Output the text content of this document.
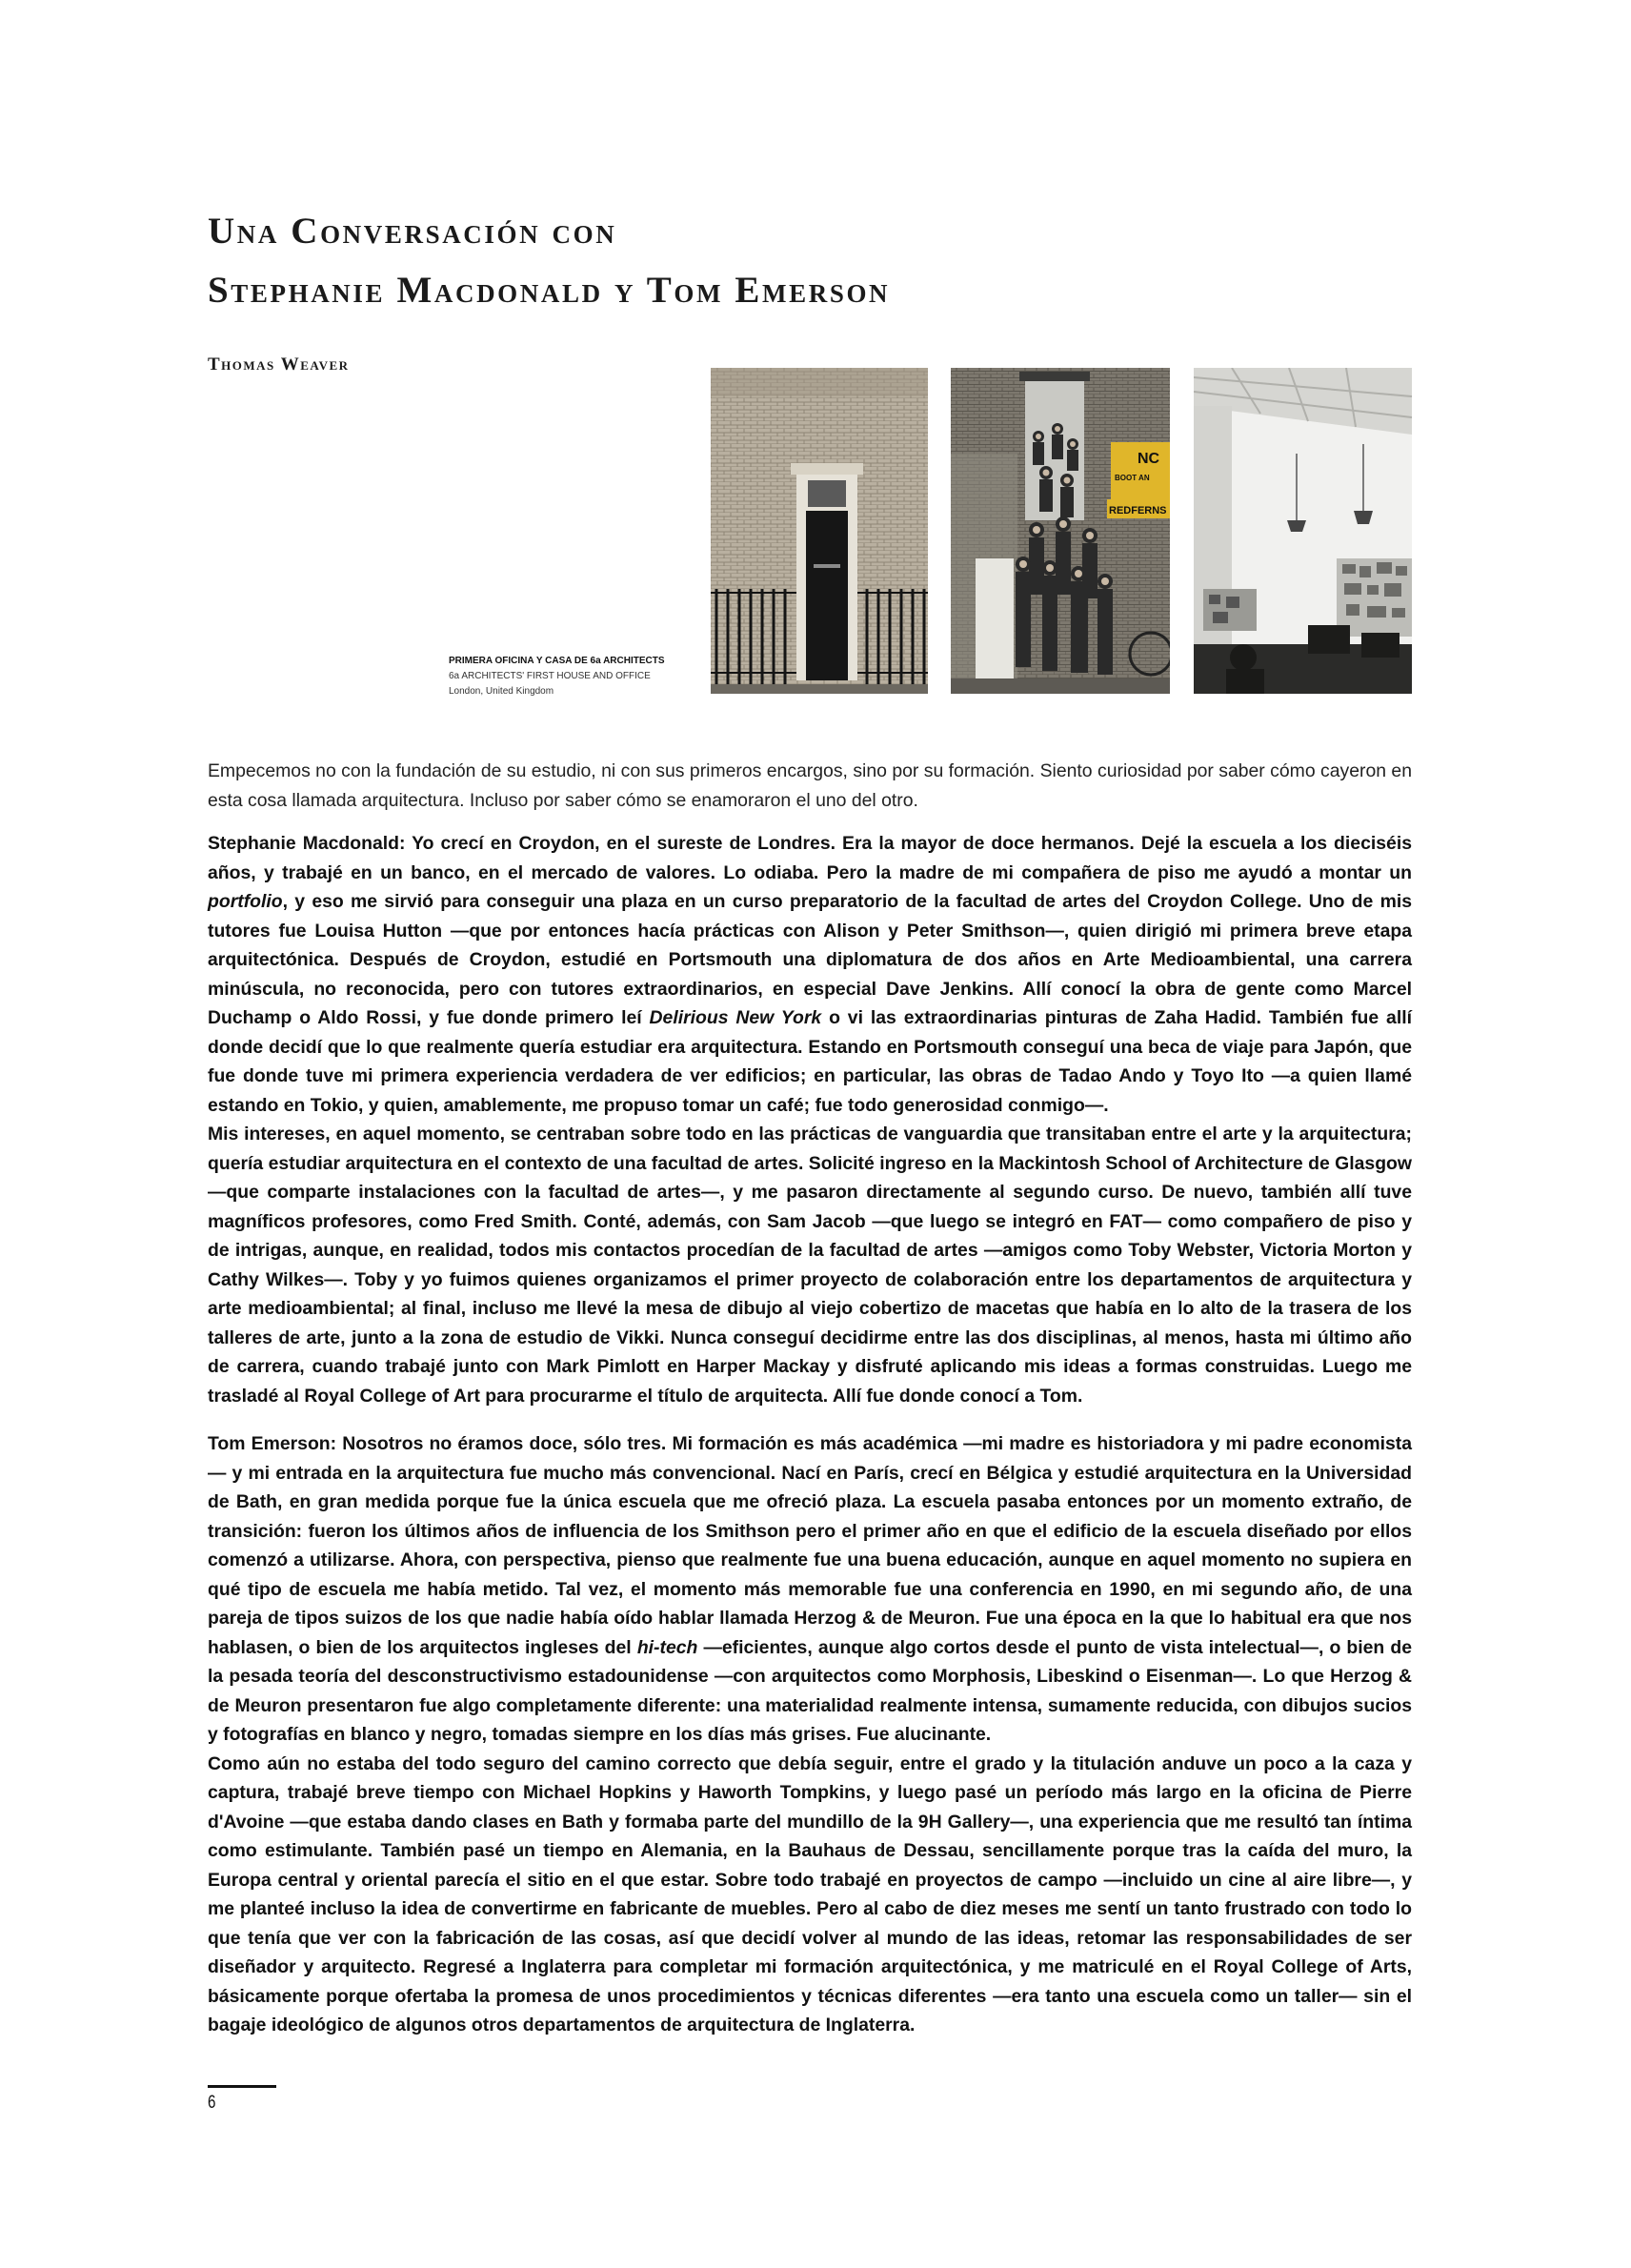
Una Conversación con
Stephanie Macdonald y Tom Emerson

Thomas Weaver

PRIMERA OFICINA Y CASA DE 6a ARCHITECTS
6a ARCHITECTS' FIRST HOUSE AND OFFICE
London, United Kingdom
NC
BOOT AN
REDFERNS

Empecemos no con la fundación de su estudio, ni con sus primeros encargos, sino por su formación. Siento curiosidad por saber cómo cayeron en esta cosa llamada arquitectura. Incluso por saber cómo se enamoraron el uno del otro.

Stephanie Macdonald: Yo crecí en Croydon, en el sureste de Londres. Era la mayor de doce hermanos. Dejé la escuela a los dieciséis años, y trabajé en un banco, en el mercado de valores. Lo odiaba. Pero la madre de mi compañera de piso me ayudó a montar un portfolio, y eso me sirvió para conseguir una plaza en un curso preparatorio de la facultad de artes del Croydon College. Uno de mis tutores fue Louisa Hutton —que por entonces hacía prácticas con Alison y Peter Smithson—, quien dirigió mi primera breve etapa arquitectónica. Después de Croydon, estudié en Portsmouth una diplomatura de dos años en Arte Medioambiental, una carrera minúscula, no reconocida, pero con tutores extraordinarios, en especial Dave Jenkins. Allí conocí la obra de gente como Marcel Duchamp o Aldo Rossi, y fue donde primero leí Delirious New York o vi las extraordinarias pinturas de Zaha Hadid. También fue allí donde decidí que lo que realmente quería estudiar era arquitectura. Estando en Portsmouth conseguí una beca de viaje para Japón, que fue donde tuve mi primera experiencia verdadera de ver edificios; en particular, las obras de Tadao Ando y Toyo Ito —a quien llamé estando en Tokio, y quien, amablemente, me propuso tomar un café; fue todo generosidad conmigo—.
Mis intereses, en aquel momento, se centraban sobre todo en las prácticas de vanguardia que transitaban entre el arte y la arquitectura; quería estudiar arquitectura en el contexto de una facultad de artes. Solicité ingreso en la Mackintosh School of Architecture de Glasgow —que comparte instalaciones con la facultad de artes—, y me pasaron directamente al segundo curso. De nuevo, también allí tuve magníficos profesores, como Fred Smith. Conté, además, con Sam Jacob —que luego se integró en FAT— como compañero de piso y de intrigas, aunque, en realidad, todos mis contactos procedían de la facultad de artes —amigos como Toby Webster, Victoria Morton y Cathy Wilkes—. Toby y yo fuimos quienes organizamos el primer proyecto de colaboración entre los departamentos de arquitectura y arte medioambiental; al final, incluso me llevé la mesa de dibujo al viejo cobertizo de macetas que había en lo alto de la trasera de los talleres de arte, junto a la zona de estudio de Vikki. Nunca conseguí decidirme entre las dos disciplinas, al menos, hasta mi último año de carrera, cuando trabajé junto con Mark Pimlott en Harper Mackay y disfruté aplicando mis ideas a formas construidas. Luego me trasladé al Royal College of Art para procurarme el título de arquitecta. Allí fue donde conocí a Tom.

Tom Emerson: Nosotros no éramos doce, sólo tres. Mi formación es más académica —mi madre es historiadora y mi padre economista— y mi entrada en la arquitectura fue mucho más convencional. Nací en París, crecí en Bélgica y estudié arquitectura en la Universidad de Bath, en gran medida porque fue la única escuela que me ofreció plaza. La escuela pasaba entonces por un momento extraño, de transición: fueron los últimos años de influencia de los Smithson pero el primer año en que el edificio de la escuela diseñado por ellos comenzó a utilizarse. Ahora, con perspectiva, pienso que realmente fue una buena educación, aunque en aquel momento no supiera en qué tipo de escuela me había metido. Tal vez, el momento más memorable fue una conferencia en 1990, en mi segundo año, de una pareja de tipos suizos de los que nadie había oído hablar llamada Herzog & de Meuron. Fue una época en la que lo habitual era que nos hablasen, o bien de los arquitectos ingleses del hi-tech —eficientes, aunque algo cortos desde el punto de vista intelectual—, o bien de la pesada teoría del desconstructivismo estadounidense —con arquitectos como Morphosis, Libeskind o Eisenman—. Lo que Herzog & de Meuron presentaron fue algo completamente diferente: una materialidad realmente intensa, sumamente reducida, con dibujos sucios y fotografías en blanco y negro, tomadas siempre en los días más grises. Fue alucinante.
Como aún no estaba del todo seguro del camino correcto que debía seguir, entre el grado y la titulación anduve un poco a la caza y captura, trabajé breve tiempo con Michael Hopkins y Haworth Tompkins, y luego pasé un período más largo en la oficina de Pierre d'Avoine —que estaba dando clases en Bath y formaba parte del mundillo de la 9H Gallery—, una experiencia que me resultó tan íntima como estimulante. También pasé un tiempo en Alemania, en la Bauhaus de Dessau, sencillamente porque tras la caída del muro, la Europa central y oriental parecía el sitio en el que estar. Sobre todo trabajé en proyectos de campo —incluido un cine al aire libre—, y me planteé incluso la idea de convertirme en fabricante de muebles. Pero al cabo de diez meses me sentí un tanto frustrado con todo lo que tenía que ver con la fabricación de las cosas, así que decidí volver al mundo de las ideas, retomar las responsabilidades de ser diseñador y arquitecto. Regresé a Inglaterra para completar mi formación arquitectónica, y me matriculé en el Royal College of Arts, básicamente porque ofertaba la promesa de unos procedimientos y técnicas diferentes —era tanto una escuela como un taller— sin el bagaje ideológico de algunos otros departamentos de arquitectura de Inglaterra.

6
